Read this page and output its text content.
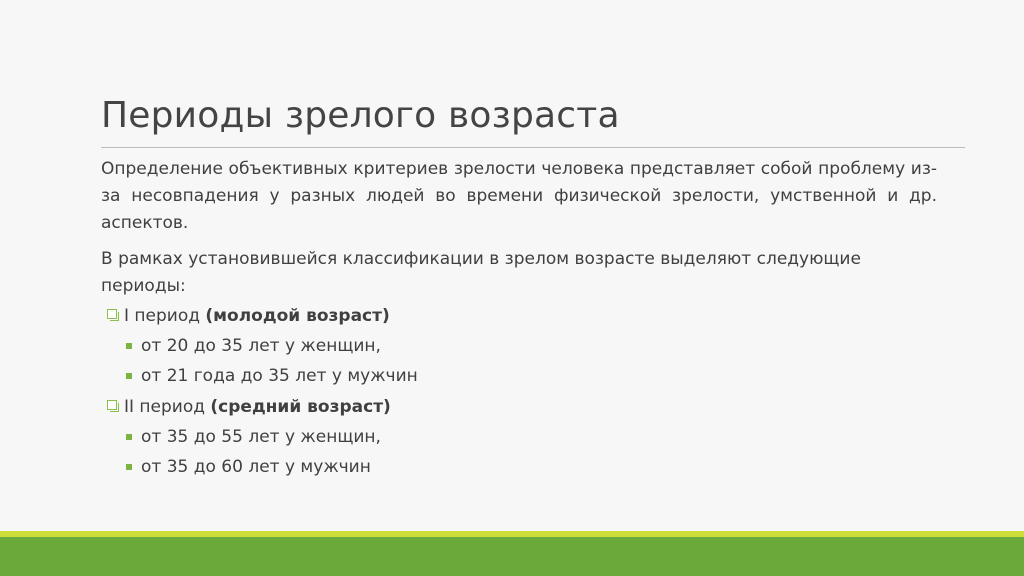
Периоды зрелого возраста

Определение объективных критериев зрелости человека представляет собой проблему из-за несовпадения у разных людей во времени физической зрелости, умственной и др. аспектов.

В рамках установившейся классификации в зрелом возрасте выделяют следующие периоды:

I период (молодой возраст)
от 20 до 35 лет у женщин,
от 21 года до 35 лет у мужчин
II период (средний возраст)
от 35 до 55 лет у женщин,
от 35 до 60 лет у мужчин
